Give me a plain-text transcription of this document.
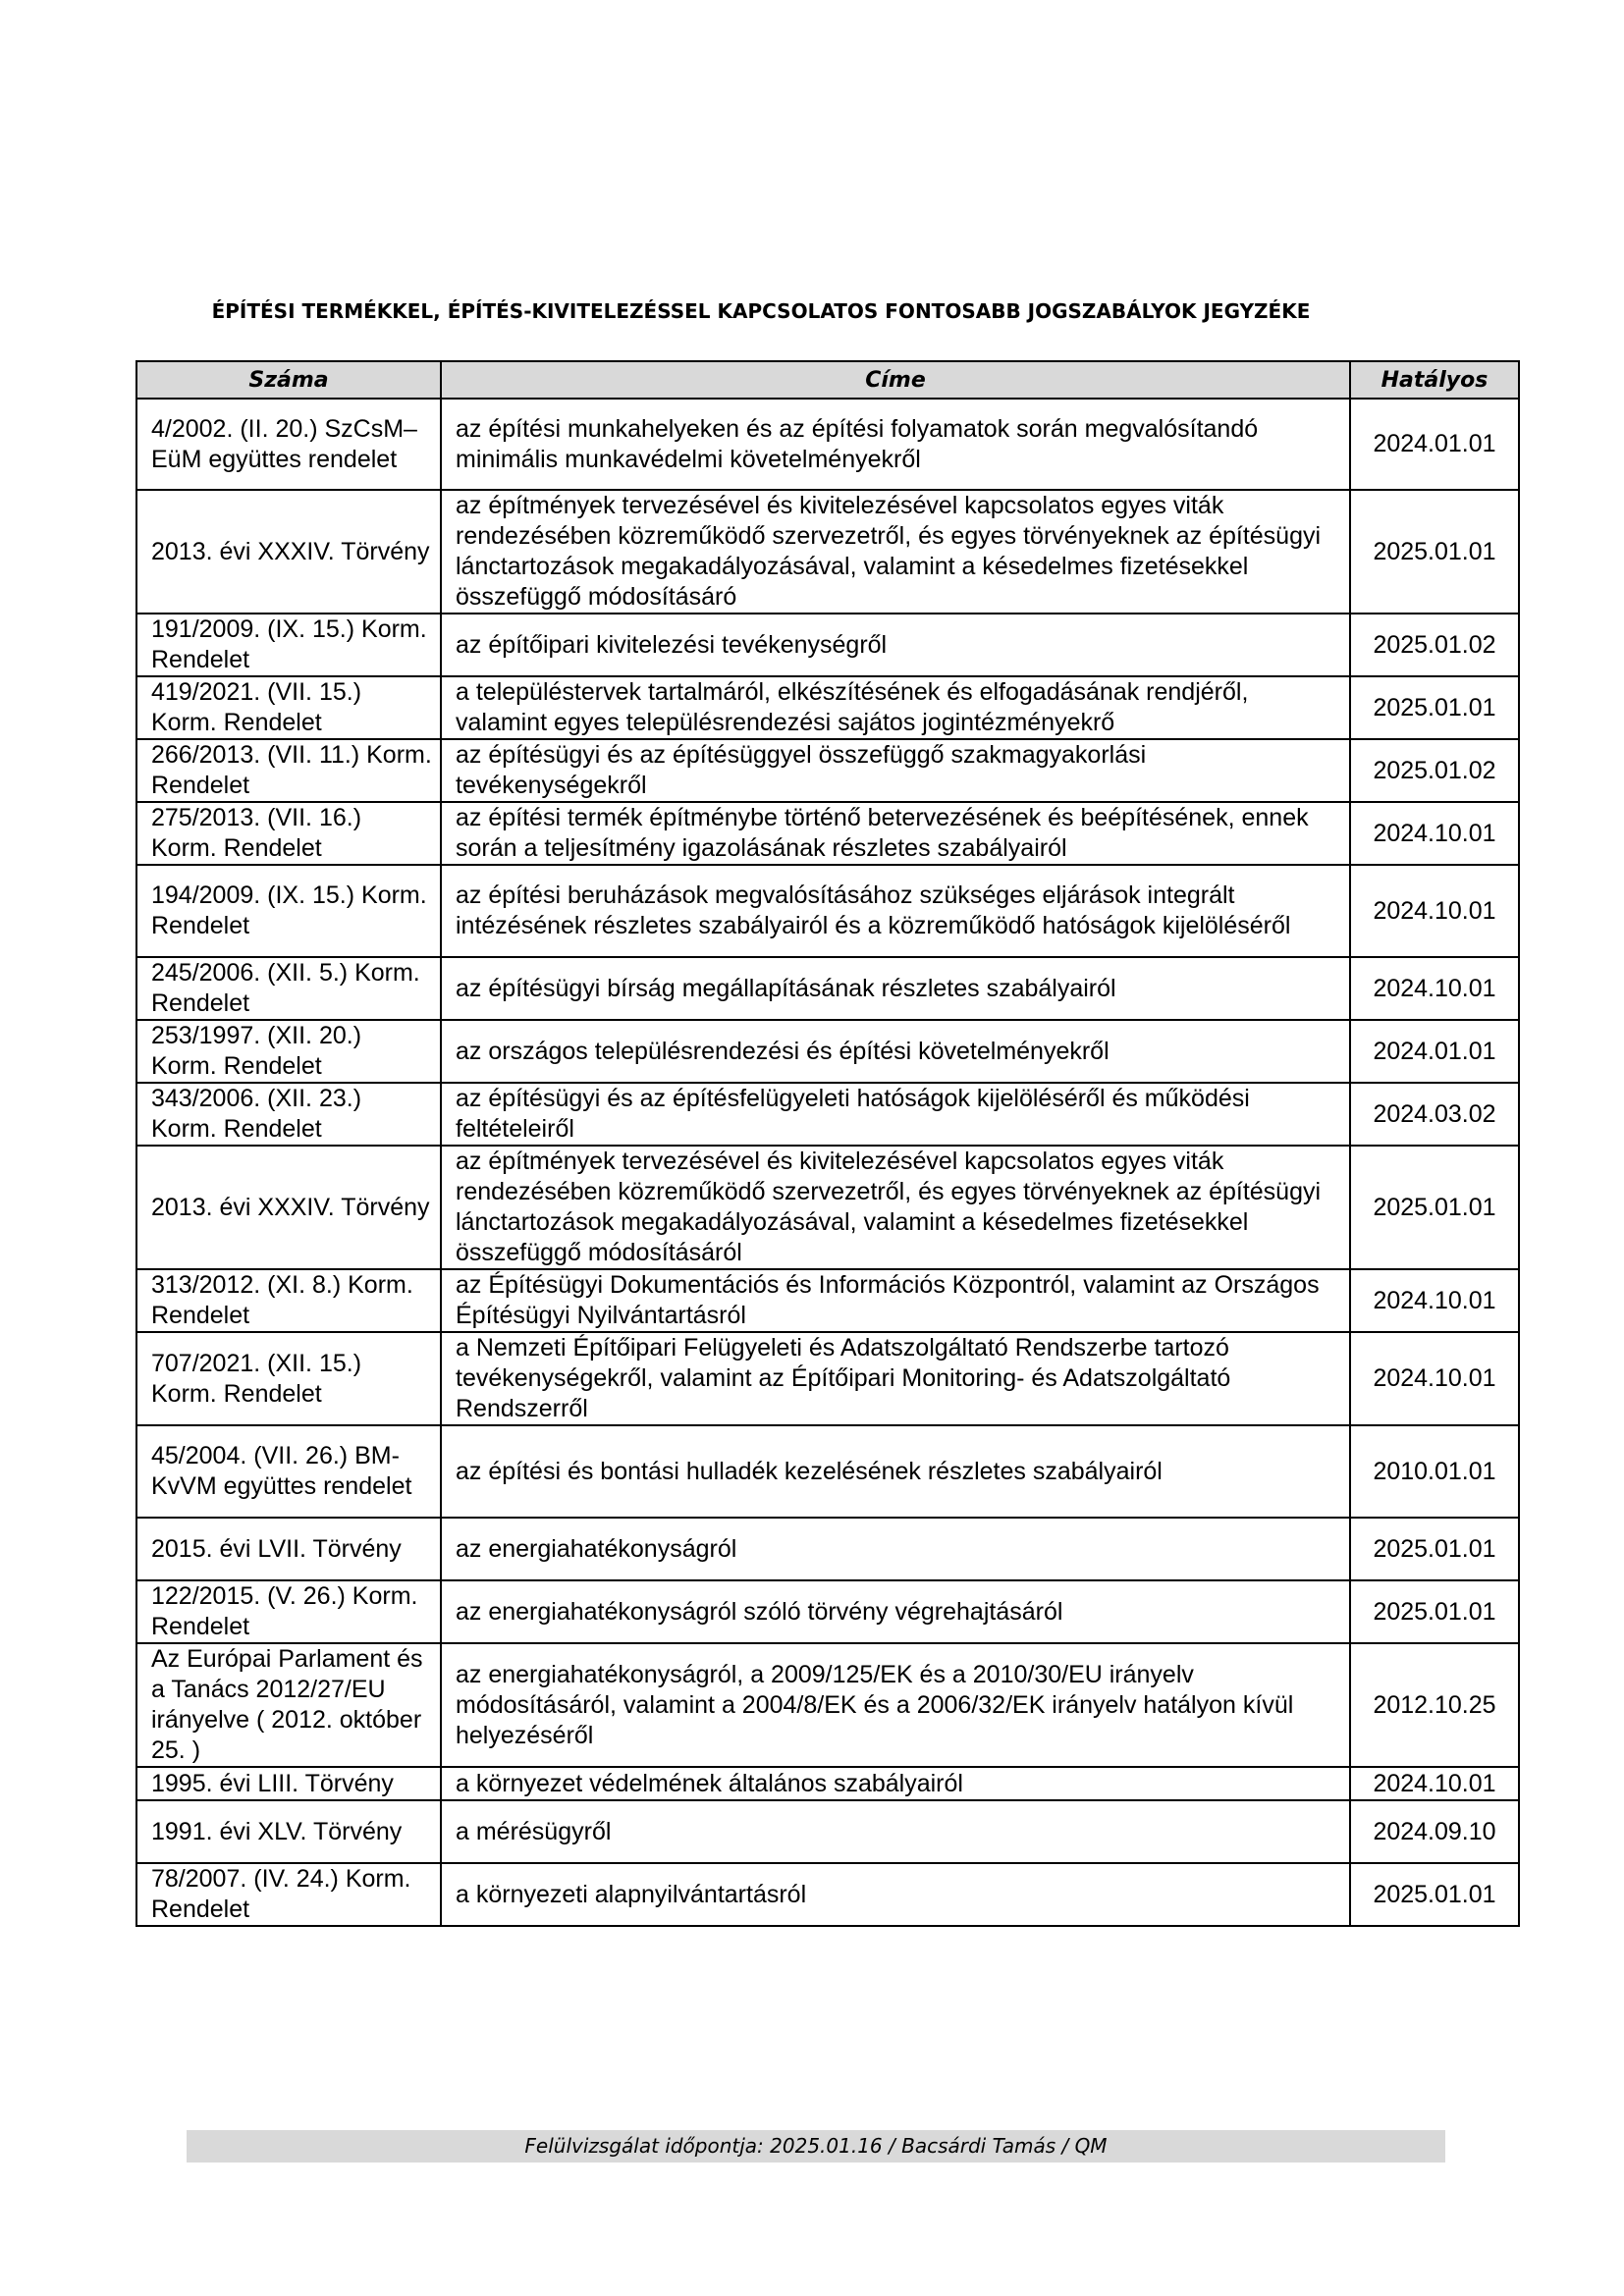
ÉPÍTÉSI TERMÉKKEL, ÉPÍTÉS-KIVITELEZÉSSEL KAPCSOLATOS FONTOSABB JOGSZABÁLYOK JEGYZÉKE
Száma	Címe	Hatályos
4/2002. (II. 20.) SzCsM–EüM együttes rendelet	az építési munkahelyeken és az építési folyamatok során megvalósítandó minimális munkavédelmi követelményekről	2024.01.01
2013. évi XXXIV. Törvény	az építmények tervezésével és kivitelezésével kapcsolatos egyes viták rendezésében közreműködő szervezetről, és egyes törvényeknek az építésügyi lánctartozások megakadályozásával, valamint a késedelmes fizetésekkel összefüggő módosításáró	2025.01.01
191/2009. (IX. 15.) Korm. Rendelet	az építőipari kivitelezési tevékenységről	2025.01.02
419/2021. (VII. 15.) Korm. Rendelet	a településtervek tartalmáról, elkészítésének és elfogadásának rendjéről, valamint egyes településrendezési sajátos jogintézményekrő	2025.01.01
266/2013. (VII. 11.) Korm. Rendelet	az építésügyi és az építésüggyel összefüggő szakmagyakorlási tevékenységekről	2025.01.02
275/2013. (VII. 16.) Korm. Rendelet	az építési termék építménybe történő betervezésének és beépítésének, ennek során a teljesítmény igazolásának részletes szabályairól	2024.10.01
194/2009. (IX. 15.) Korm. Rendelet	az építési beruházások megvalósításához szükséges eljárások integrált intézésének részletes szabályairól és a közreműködő hatóságok kijelöléséről	2024.10.01
245/2006. (XII. 5.) Korm. Rendelet	az építésügyi bírság megállapításának részletes szabályairól	2024.10.01
253/1997. (XII. 20.) Korm. Rendelet	az országos településrendezési és építési követelményekről	2024.01.01
343/2006. (XII. 23.) Korm. Rendelet	az építésügyi és az építésfelügyeleti hatóságok kijelöléséről és működési feltételeiről	2024.03.02
2013. évi XXXIV. Törvény	az építmények tervezésével és kivitelezésével kapcsolatos egyes viták rendezésében közreműködő szervezetről, és egyes törvényeknek az építésügyi lánctartozások megakadályozásával, valamint a késedelmes fizetésekkel összefüggő módosításáról	2025.01.01
313/2012. (XI. 8.) Korm. Rendelet	az Építésügyi Dokumentációs és Információs Központról, valamint az Országos Építésügyi Nyilvántartásról	2024.10.01
707/2021. (XII. 15.) Korm. Rendelet	a Nemzeti Építőipari Felügyeleti és Adatszolgáltató Rendszerbe tartozó tevékenységekről, valamint az Építőipari Monitoring- és Adatszolgáltató Rendszerről	2024.10.01
45/2004. (VII. 26.) BM-KvVM együttes rendelet	az építési és bontási hulladék kezelésének részletes szabályairól	2010.01.01
2015. évi LVII. Törvény	az energiahatékonyságról	2025.01.01
122/2015. (V. 26.) Korm. Rendelet	az energiahatékonyságról szóló törvény végrehajtásáról	2025.01.01
Az Európai Parlament és a Tanács 2012/27/EU irányelve ( 2012. október 25. )	az energiahatékonyságról, a 2009/125/EK és a 2010/30/EU irányelv módosításáról, valamint a 2004/8/EK és a 2006/32/EK irányelv hatályon kívül helyezéséről	2012.10.25
1995. évi LIII. Törvény	a környezet védelmének általános szabályairól	2024.10.01
1991. évi XLV. Törvény	a mérésügyről	2024.09.10
78/2007. (IV. 24.) Korm. Rendelet	a környezeti alapnyilvántartásról	2025.01.01
Felülvizsgálat időpontja: 2025.01.16 / Bacsárdi Tamás / QM
